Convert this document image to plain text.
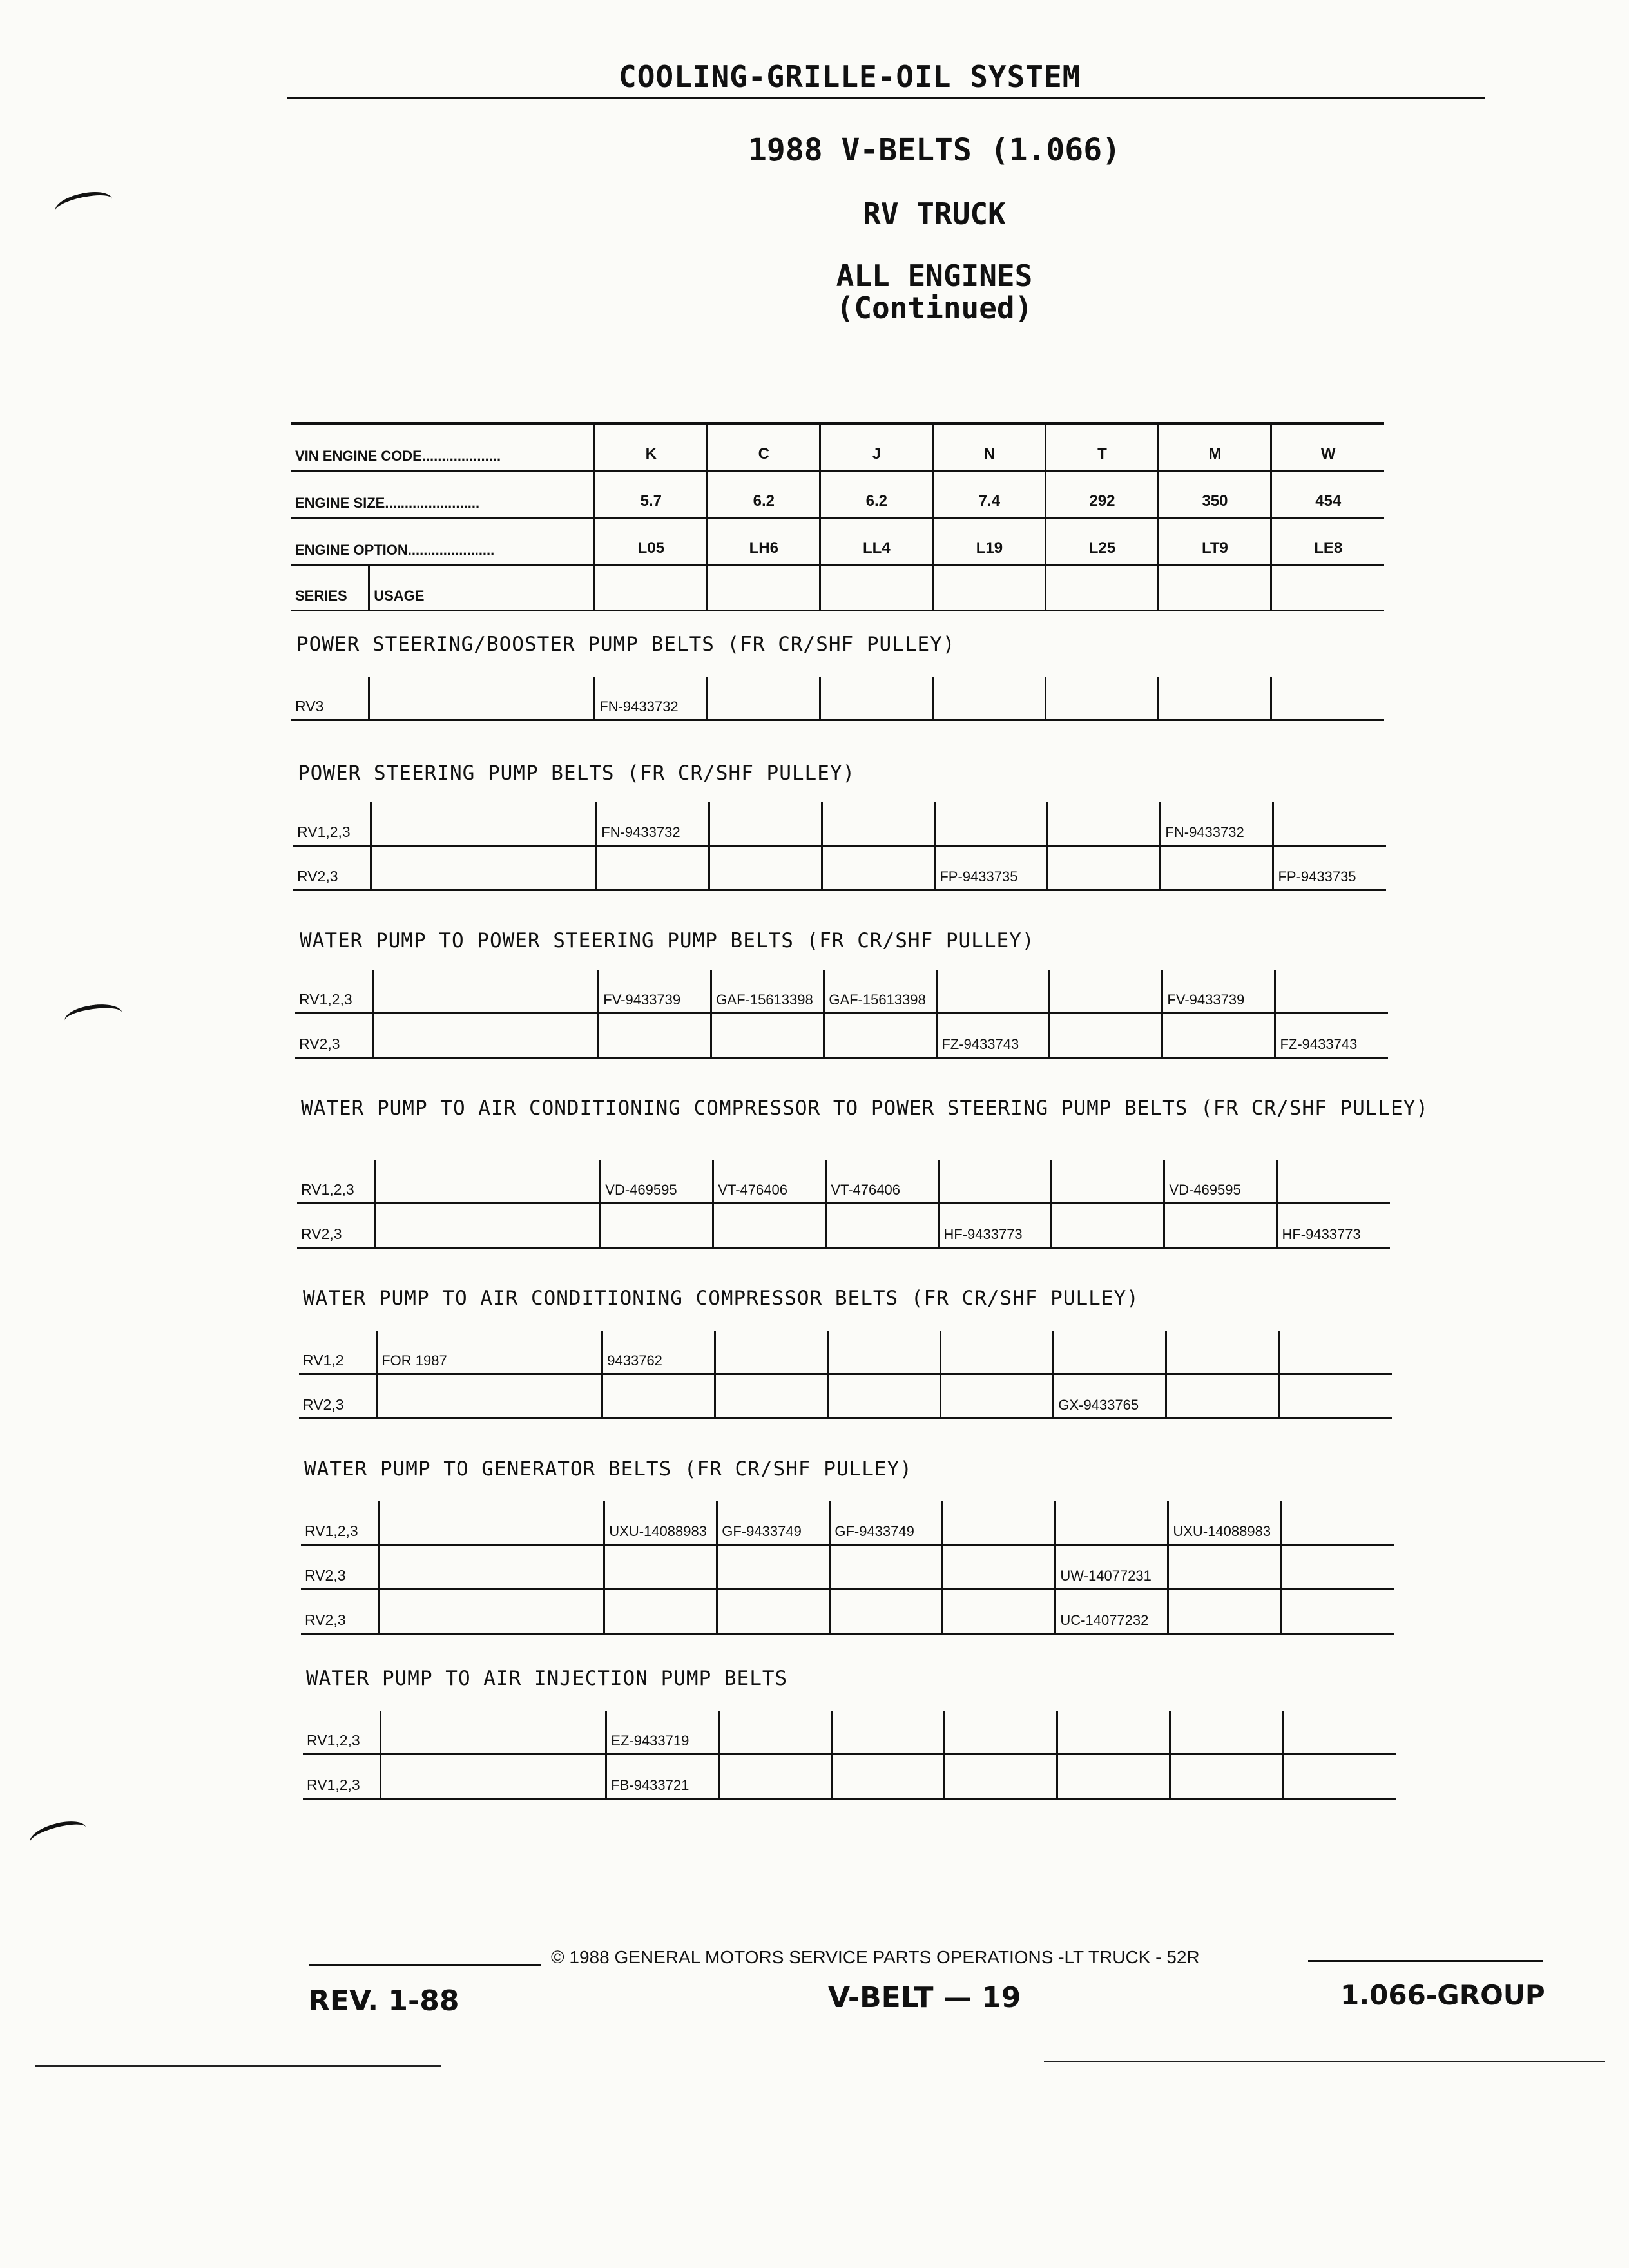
COOLING-GRILLE-OIL SYSTEM
1988 V-BELTS (1.066)
RV TRUCK
ALL ENGINES
(Continued)
VIN ENGINE CODE....................		K	C	J	N	T	M	W
ENGINE SIZE........................		5.7	6.2	6.2	7.4	292	350	454
ENGINE OPTION......................		L05	LH6	LL4	L19	L25	LT9	LE8
SERIES	USAGE							
POWER STEERING/BOOSTER PUMP BELTS (FR CR/SHF PULLEY)
RV3		FN-9433732						
POWER STEERING PUMP BELTS (FR CR/SHF PULLEY)
RV1,2,3		FN-9433732					FN-9433732	
RV2,3					FP-9433735			FP-9433735
WATER PUMP TO POWER STEERING PUMP BELTS (FR CR/SHF PULLEY)
RV1,2,3		FV-9433739	GAF-15613398	GAF-15613398			FV-9433739	
RV2,3					FZ-9433743			FZ-9433743
WATER PUMP TO AIR CONDITIONING COMPRESSOR TO POWER STEERING PUMP BELTS (FR CR/SHF PULLEY)
RV1,2,3		VD-469595	VT-476406	VT-476406			VD-469595	
RV2,3					HF-9433773			HF-9433773
WATER PUMP TO AIR CONDITIONING COMPRESSOR BELTS (FR CR/SHF PULLEY)
RV1,2	FOR 1987	9433762						
RV2,3						GX-9433765		
WATER PUMP TO GENERATOR BELTS (FR CR/SHF PULLEY)
RV1,2,3		UXU-14088983	GF-9433749	GF-9433749			UXU-14088983	
RV2,3						UW-14077231		
RV2,3						UC-14077232		
WATER PUMP TO AIR INJECTION PUMP BELTS
RV1,2,3		EZ-9433719						
RV1,2,3		FB-9433721						
© 1988 GENERAL MOTORS SERVICE PARTS OPERATIONS -LT TRUCK - 52R
REV. 1-88	V-BELT — 19	1.066-GROUP
